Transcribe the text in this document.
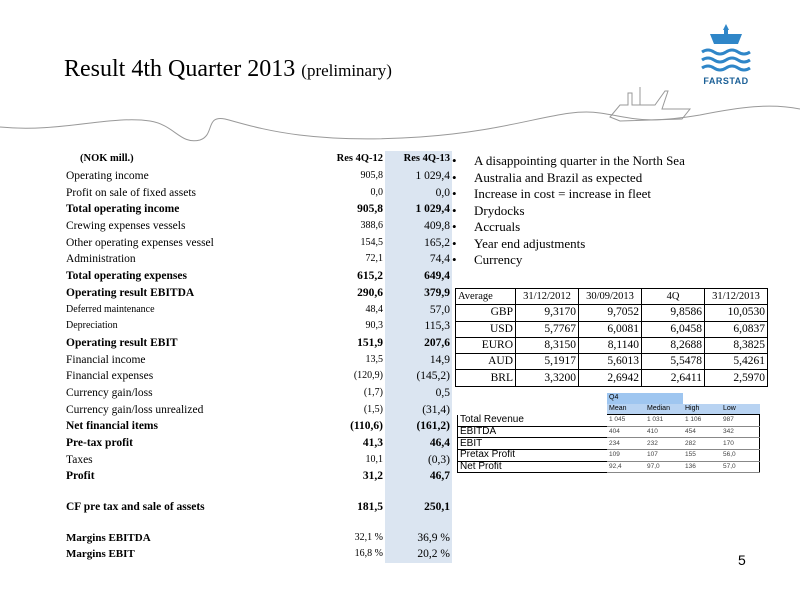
Result 4th Quarter 2013 (preliminary)
FARSTAD
(NOK mill.)	Res 4Q-12	Res 4Q-13
Operating income	905,8	1 029,4
Profit on sale of fixed assets	0,0	0,0
Total operating income	905,8	1 029,4
Crewing expenses vessels	388,6	409,8
Other operating expenses vessel	154,5	165,2
Administration	72,1	74,4
Total operating expenses	615,2	649,4
Operating result EBITDA	290,6	379,9
Deferred maintenance	48,4	57,0
Depreciation	90,3	115,3
Operating result EBIT	151,9	207,6
Financial income	13,5	14,9
Financial expenses	(120,9)	(145,2)
Currency gain/loss	(1,7)	0,5
Currency gain/loss unrealized	(1,5)	(31,4)
Net financial items	(110,6)	(161,2)
Pre-tax profit	41,3	46,4
Taxes	10,1	(0,3)
Profit	31,2	46,7

CF pre tax and sale of assets	181,5	250,1

Margins EBITDA	32,1 %	36,9 %
Margins EBIT	16,8 %	20,2 %
• A disappointing quarter in the North Sea
• Australia and Brazil as expected
• Increase in cost = increase in fleet
• Drydocks
• Accruals
• Year end adjustments
• Currency
Average	31/12/2012	30/09/2013	4Q	31/12/2013
GBP	9,3170	9,7052	9,8586	10,0530
USD	5,7767	6,0081	6,0458	6,0837
EURO	8,3150	8,1140	8,2688	8,3825
AUD	5,1917	5,6013	5,5478	5,4261
BRL	3,3200	2,6942	2,6411	2,5970
	Q4			
	Mean	Median	High	Low
Total Revenue	1 045	1 031	1 106	987
EBITDA	404	410	454	342
EBIT	234	232	282	170
Pretax Profit	109	107	155	56,0
Net Profit	92,4	97,0	136	57,0
5
